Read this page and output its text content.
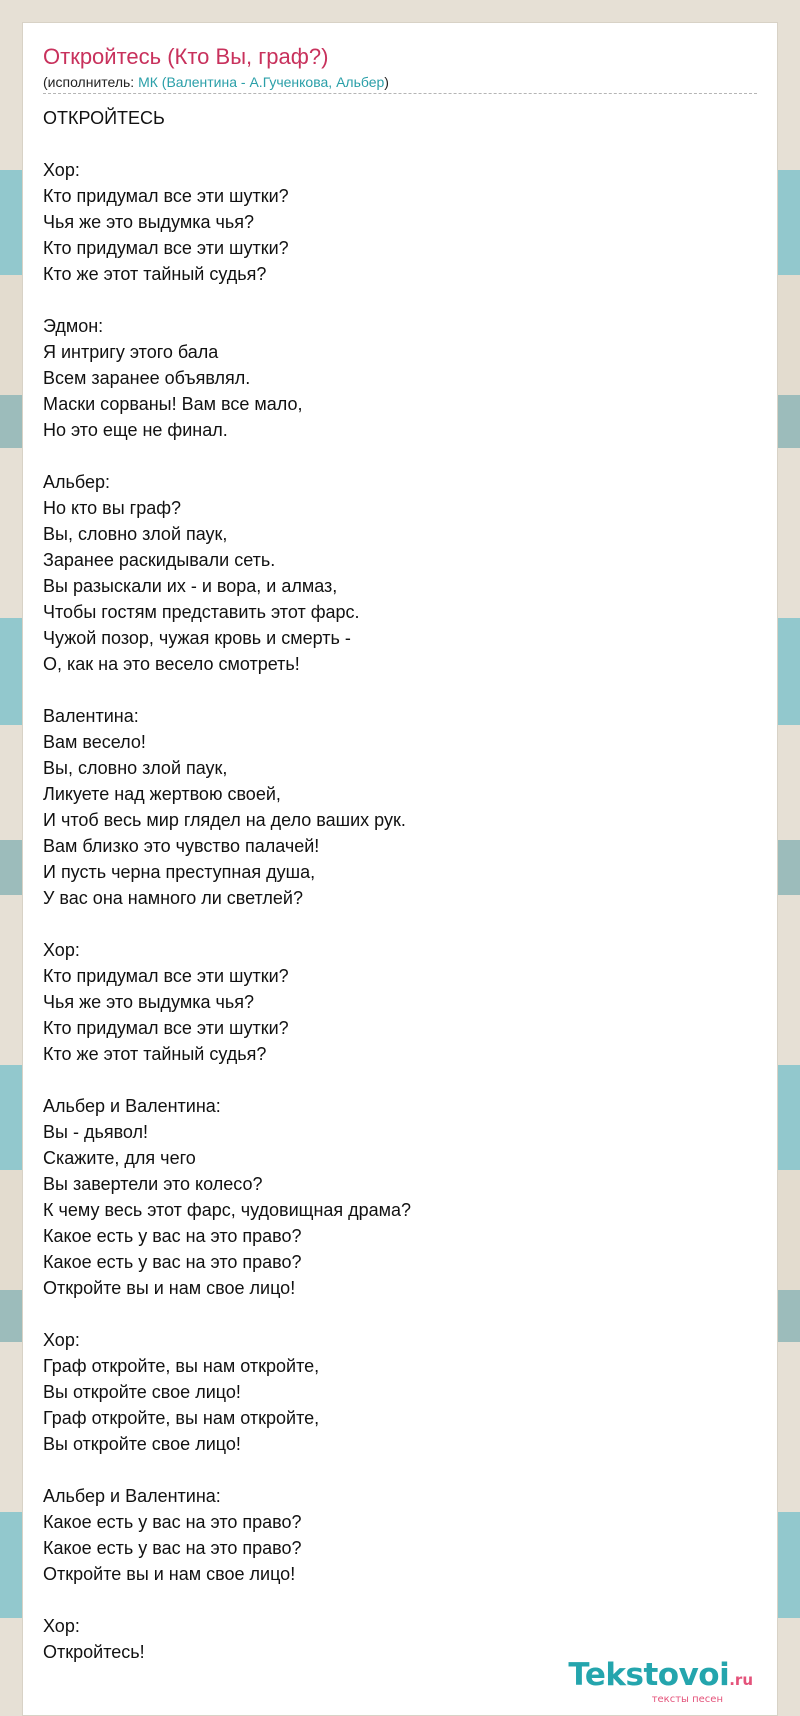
Откройтесь (Кто Вы, граф?)
(исполнитель: МК (Валентина - А.Гученкова, Альбер)
ОТКРОЙТЕСЬ
Хор:
Кто придумал все эти шутки?
Чья же это выдумка чья?
Кто придумал все эти шутки?
Кто же этот тайный судья?
Эдмон:
Я интригу этого бала
Всем заранее объявлял.
Маски сорваны! Вам все мало,
Но это еще не финал.
Альбер:
Но кто вы граф?
Вы, словно злой паук,
Заранее раскидывали сеть.
Вы разыскали их - и вора, и алмаз,
Чтобы гостям представить этот фарс.
Чужой позор, чужая кровь и смерть -
О, как на это весело смотреть!
Валентина:
Вам весело!
Вы, словно злой паук,
Ликуете над жертвою своей,
И чтоб весь мир глядел на дело ваших рук.
Вам близко это чувство палачей!
И пусть черна преступная душа,
У вас она намного ли светлей?
Хор:
Кто придумал все эти шутки?
Чья же это выдумка чья?
Кто придумал все эти шутки?
Кто же этот тайный судья?
Альбер и Валентина:
Вы - дьявол!
Скажите, для чего
Вы завертели это колесо?
К чему весь этот фарс, чудовищная драма?
Какое есть у вас на это право?
Какое есть у вас на это право?
Откройте вы и нам свое лицо!
Хор:
Граф откройте, вы нам откройте,
Вы откройте свое лицо!
Граф откройте, вы нам откройте,
Вы откройте свое лицо!
Альбер и Валентина:
Какое есть у вас на это право?
Какое есть у вас на это право?
Откройте вы и нам свое лицо!
Хор:
Откройтесь!
Tekstovoi.ru
тексты песен
